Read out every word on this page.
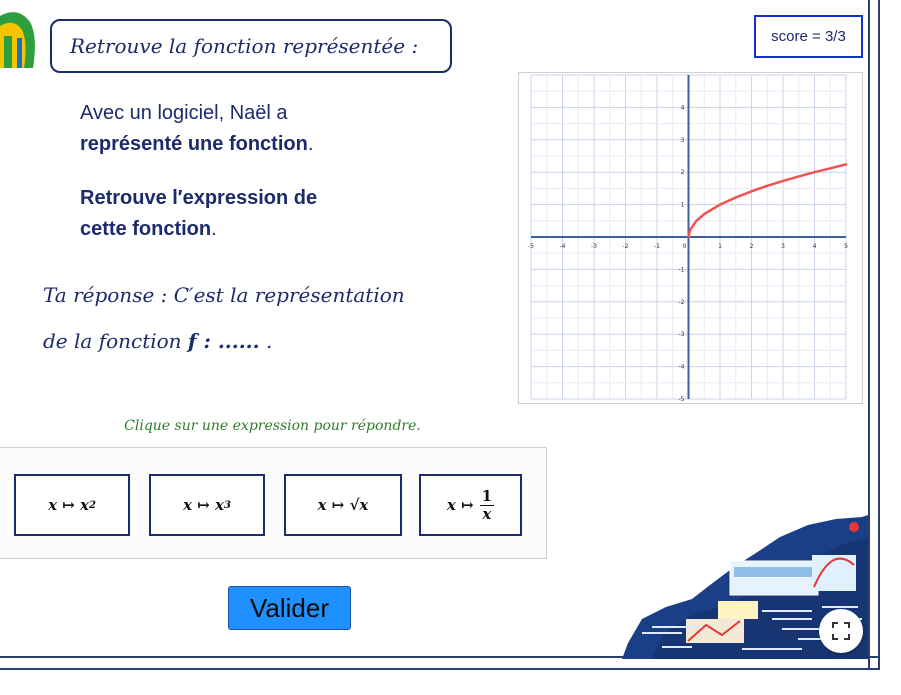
Retrouve la fonction représentée :	score = 3/3
Avec un logiciel, Naël a
représenté une fonction.
Retrouve l′expression de
cette fonction.
Ta réponse : C′est la représentation
de la fonction f : ...... .
Clique sur une expression pour répondre.
x ↦ x 2	x ↦ x 3	x ↦ √x	x ↦ $\frac{1}{x}$
Valider
-5	-4	-3	-2	-1	0	1	2	3	4	5
-5
-4
-3
-2
-1
1
2
3
4
